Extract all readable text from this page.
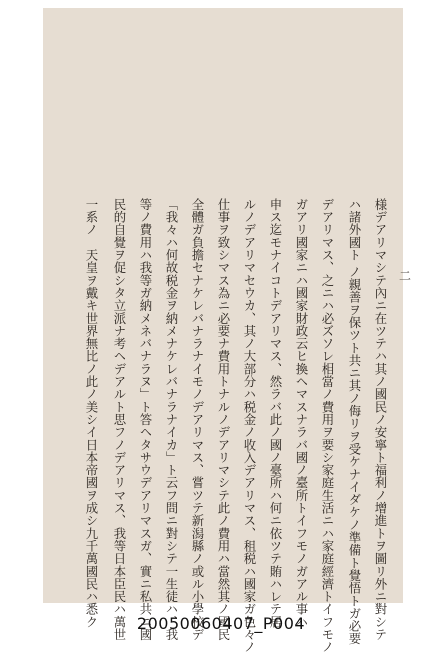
二
様デアリマシテ內ニ在ツテハ其ノ國民ノ安寧ト福利ノ增進トヲ圖リ外ニ對シテ
ハ諸外國ト ノ親善ヲ保ツト共ニ其ノ侮リヲ受ケナイダケノ準備ト覺悟トガ必要
デアリマス、之ニハ必ズソレ相當ノ費用ヲ要シ家庭生活ニハ家庭經濟トイフモノ
ガアリ國家ニハ國家財政云ヒ換ヘマスナラバ國ノ臺所トイフモノガアル事ハ
申ス迄モナイコトデアリマス、然ラバ此ノ國ノ臺所ハ何ニ依ツテ賄ハレテ居
ルノデアリマセウカ、其ノ大部分ハ税金ノ收入デアリマス、租税ハ國家ガ色々ノ
仕事ヲ致シマス為ニ必要ナ費用トナルノデアリマシテ此ノ費用ハ當然其ノ國民
全體ガ負擔セナケレバナラナイモノデアリマス、嘗ツテ新潟縣ノ或ル小學校デ
「我々ハ何故税金ヲ納メナケレバナラナイカ」ト云フ問ニ對シテ一生徒ハ、我
等ノ費用ハ我等ガ納メネバナラヌ」ト答ヘタサウデアリマスガ、實ニ私共ニ國
民的自覺ヲ促シタ立派ナ考ヘデアルト思フノデアリマス、我等日本臣民ハ萬世
一系ノ　天皇ヲ戴キ世界無比ノ此ノ美シイ日本帝國ヲ成シ九千萬國民ハ悉ク	20050060407_P004
